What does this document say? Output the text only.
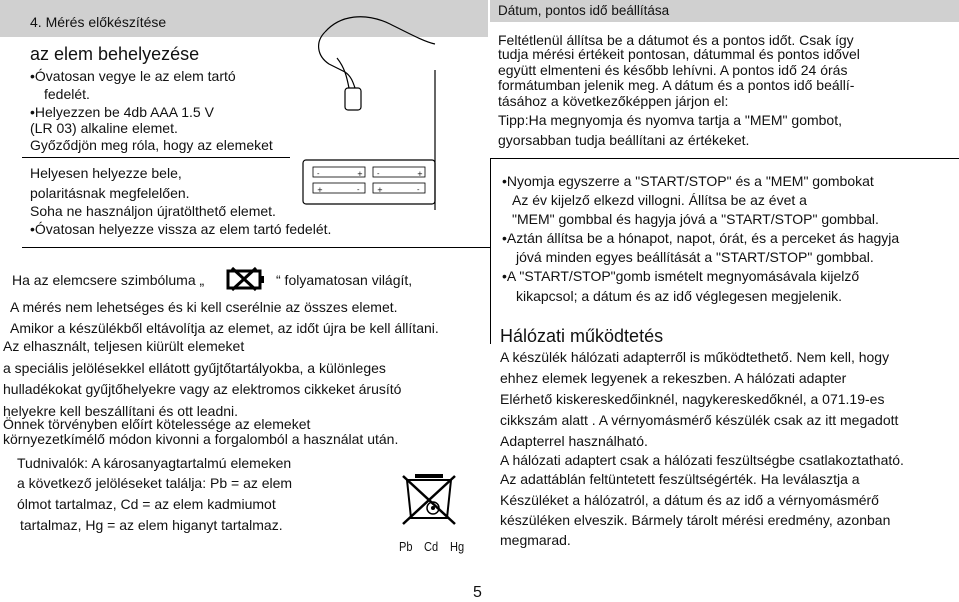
4. Mérés előkészítése
az elem behelyezése
•Óvatosan vegye le az elem tartó
fedelét.
•Helyezzen be 4db AAA 1.5 V
(LR 03) alkaline elemet.
Győződjön meg róla, hogy az elemeket
Helyesen helyezze bele,
polaritásnak megfelelően.
Soha ne használjon újratölthető elemet.
•Óvatosan helyezze vissza az elem tartó fedelét.
-	+ -	+
+	- +	-
Ha az elemcsere szimbóluma „	“ folyamatosan világít,
A mérés nem lehetséges és ki kell cserélnie az összes elemet.
Amikor a készülékből eltávolítja az elemet, az időt újra be kell állítani.
Az elhasznált, teljesen kiürült elemeket
a speciális jelölésekkel ellátott gyűjtőtartályokba, a különleges
hulladékokat gyűjtőhelyekre vagy az elektromos cikkeket árusító
helyekre kell beszállítani és ott leadni.
Önnek törvényben előírt kötelessége az elemeket
környezetkímélő módon kivonni a forgalomból a használat után.
Tudnivalók: A károsanyagtartalmú elemeken
a következő jelöléseket találja: Pb = az elem
ólmot tartalmaz, Cd = az elem kadmiumot
tartalmaz, Hg = az elem higanyt tartalmaz.
Pb Cd Hg
5
Dátum, pontos idő beállítása
Feltétlenül állítsa be a dátumot és a pontos időt. Csak így
tudja mérési értékeit pontosan, dátummal és pontos idővel
együtt elmenteni és később lehívni. A pontos idő 24 órás
formátumban jelenik meg. A dátum és a pontos idő beállí-
tásához a következőképpen járjon el:
Tipp:Ha megnyomja és nyomva tartja a "MEM" gombot,
gyorsabban tudja beállítani az értékeket.
•Nyomja egyszerre a "START/STOP" és a "MEM" gombokat
Az év kijelző elkezd villogni. Állítsa be az évet a
"MEM" gombbal és hagyja jóvá a "START/STOP" gombbal.
•Aztán állítsa be a hónapot, napot, órát, és a perceket ás hagyja
jóvá minden egyes beállítását a "START/STOP" gombbal.
•A "START/STOP"gomb ismételt megnyomásávala kijelző
kikapcsol; a dátum és az idő véglegesen megjelenik.
Hálózati működtetés
A készülék hálózati adapterről is működtethető. Nem kell, hogy
ehhez elemek legyenek a rekeszben. A hálózati adapter
Elérhető kiskereskedőinknél, nagykereskedőknél, a 071.19-es
cikkszám alatt . A vérnyomásmérő készülék csak az itt megadott
Adapterrel használható.
A hálózati adaptert csak a hálózati feszültségbe csatlakoztatható.
Az adattáblán feltüntetett feszültségérték. Ha leválasztja a
Készüléket a hálózatról, a dátum és az idő a vérnyomásmérő
készüléken elveszik. Bármely tárolt mérési eredmény, azonban
megmarad.
